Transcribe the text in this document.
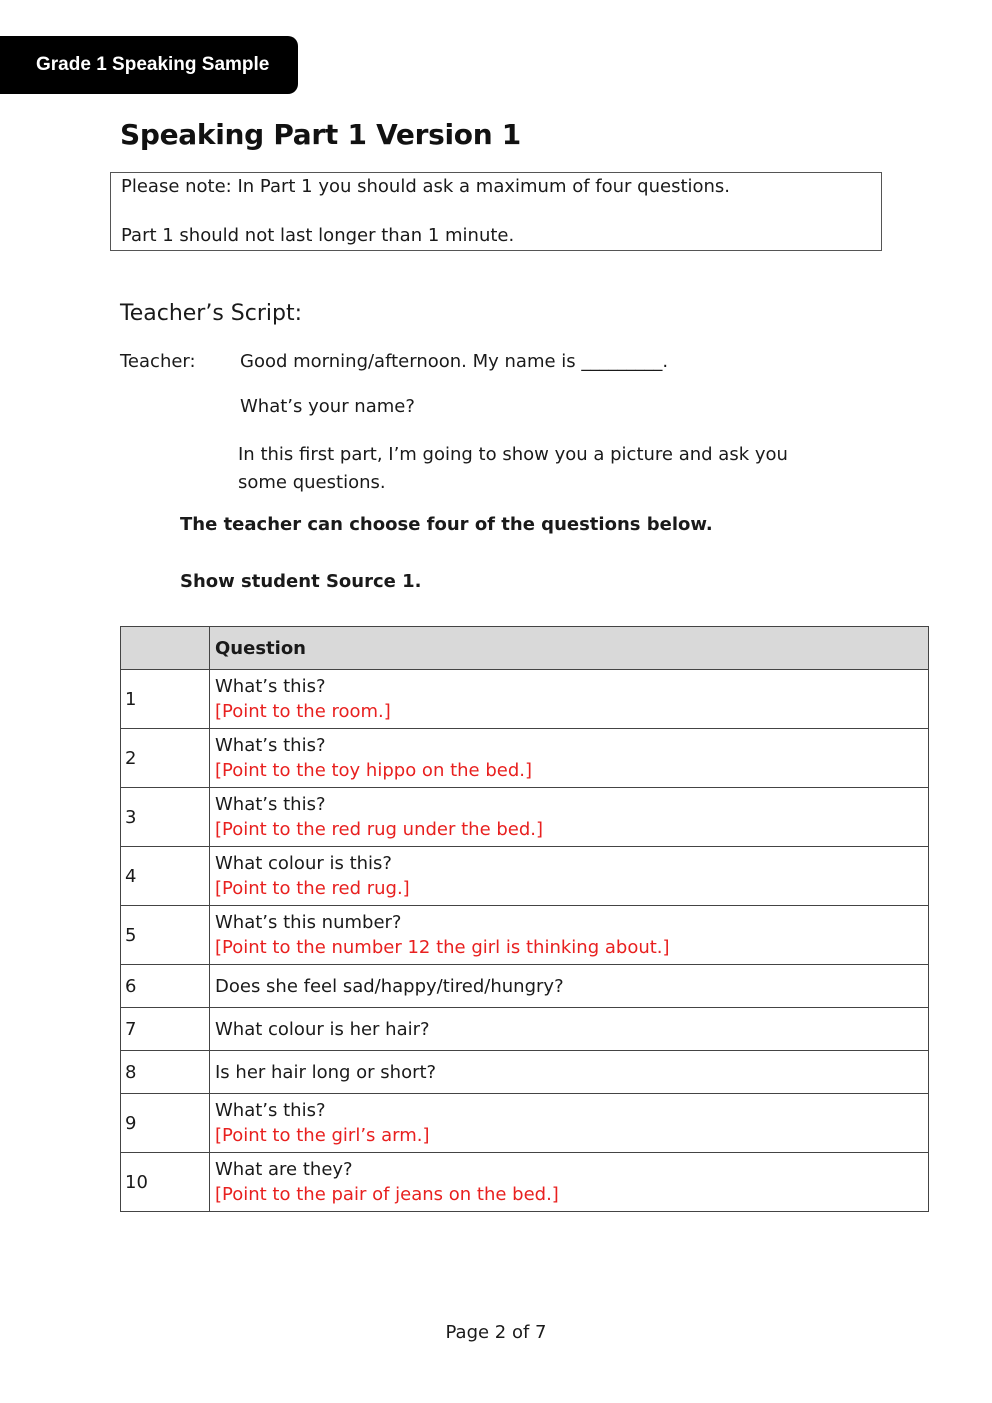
Grade 1 Speaking Sample
Speaking Part 1 Version 1
Please note: In Part 1 you should ask a maximum of four questions.
Part 1 should not last longer than 1 minute.
Teacher’s Script:
Teacher: Good morning/afternoon. My name is _________.
What’s your name?
In this first part, I’m going to show you a picture and ask you some questions.
The teacher can choose four of the questions below.
Show student Source 1.
	Question
1	What’s this?
[Point to the room.]

2	What’s this?
[Point to the toy hippo on the bed.]

3	What’s this?
[Point to the red rug under the bed.]

4	What colour is this?
[Point to the red rug.]

5	What’s this number?
[Point to the number 12 the girl is thinking about.]

6	Does she feel sad/happy/tired/hungry?

7	What colour is her hair?

8	Is her hair long or short?

9	What’s this?
[Point to the girl’s arm.]

10	What are they?
[Point to the pair of jeans on the bed.]
Page 2 of 7
